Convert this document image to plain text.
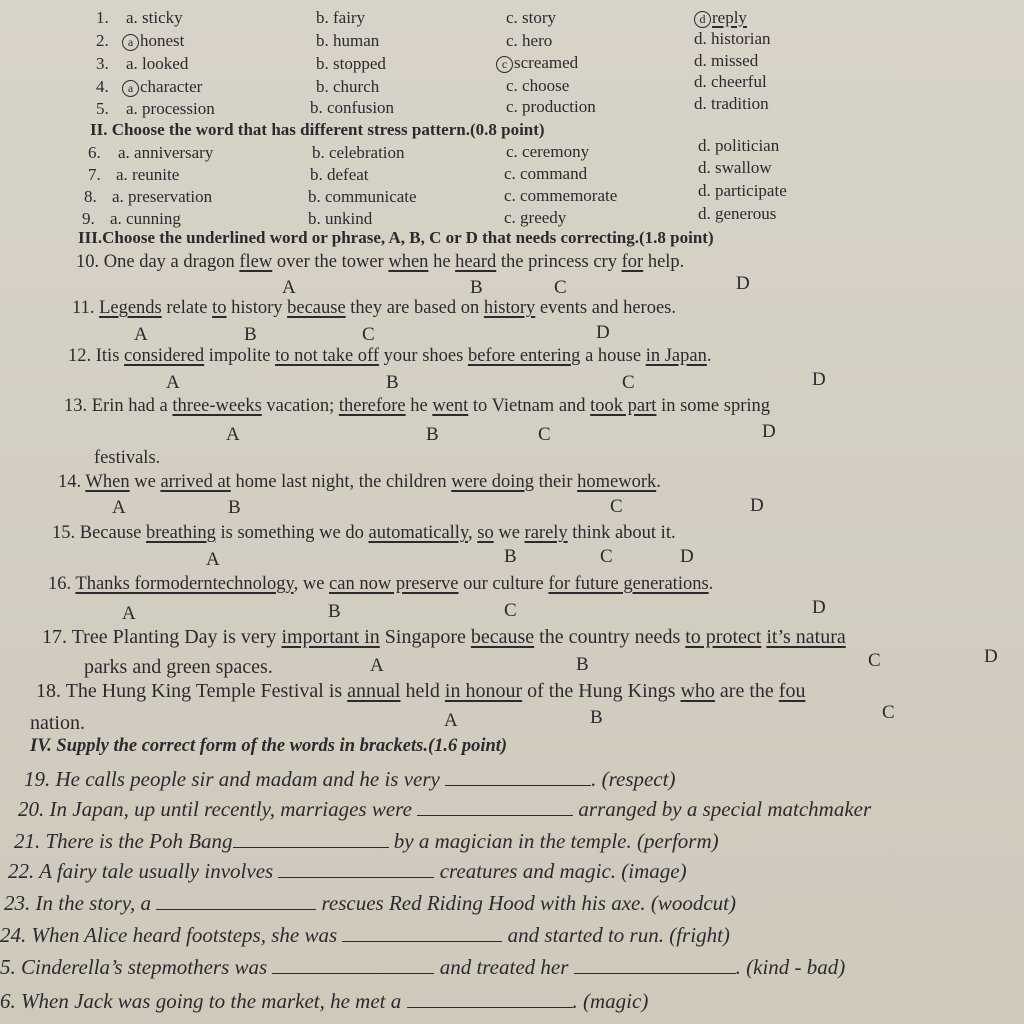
1. a. sticky	b. fairy	c. story	d reply
2.	a honest	b. human	c. hero	d. historian
3. a. looked	b. stopped	c screamed	d. missed
4.	a character	b. church	c. choose	d. cheerful
5. a. procession	b. confusion	c. production	d. tradition
II. Choose the word that has different stress pattern.(0.8 point)
6. a. anniversary	b. celebration	c. ceremony	d. politician
7. a. reunite	b. defeat	c. command	d. swallow
8. a. preservation	b. communicate	c. commemorate	d. participate
9. a. cunning	b. unkind	c. greedy	d. generous
III.Choose the underlined word or phrase, A, B, C or D that needs correcting.(1.8 point)
10. One day a dragon flew over the tower when he heard the princess cry for help.
A	B	C	D
11. Legends relate to history because they are based on history events and heroes.
A	B	C	D
12. Itis considered impolite to not take off your shoes before entering a house in Japan.
A	B	C	D
13. Erin had a three-weeks vacation; therefore he went to Vietnam and took part in some spring
A	B	C	D
festivals.
14. When we arrived at home last night, the children were doing their homework.
A	B	C	D
15. Because breathing is something we do automatically, so we rarely think about it.
A	B	C	D
16. Thanks formoderntechnology, we can now preserve our culture for future generations.
A	B	C	D
17. Tree Planting Day is very important in Singapore because the country needs to protect it’s natura
parks and green spaces.	A	B	C	D
18. The Hung King Temple Festival is annual held in honour of the Hung Kings who are the fou
nation.	A	B	C
IV. Supply the correct form of the words in brackets.(1.6 point)
19. He calls people sir and madam and he is very	. (respect)
20. In Japan, up until recently, marriages were	arranged by a special matchmaker
21. There is the Poh Bang	by a magician in the temple. (perform)
22. A fairy tale usually involves	creatures and magic. (image)
23. In the story, a	rescues Red Riding Hood with his axe. (woodcut)
24. When Alice heard footsteps, she was	and started to run. (fright)
5. Cinderella’s stepmothers was	and treated her	. (kind - bad)
6. When Jack was going to the market, he met a	. (magic)
